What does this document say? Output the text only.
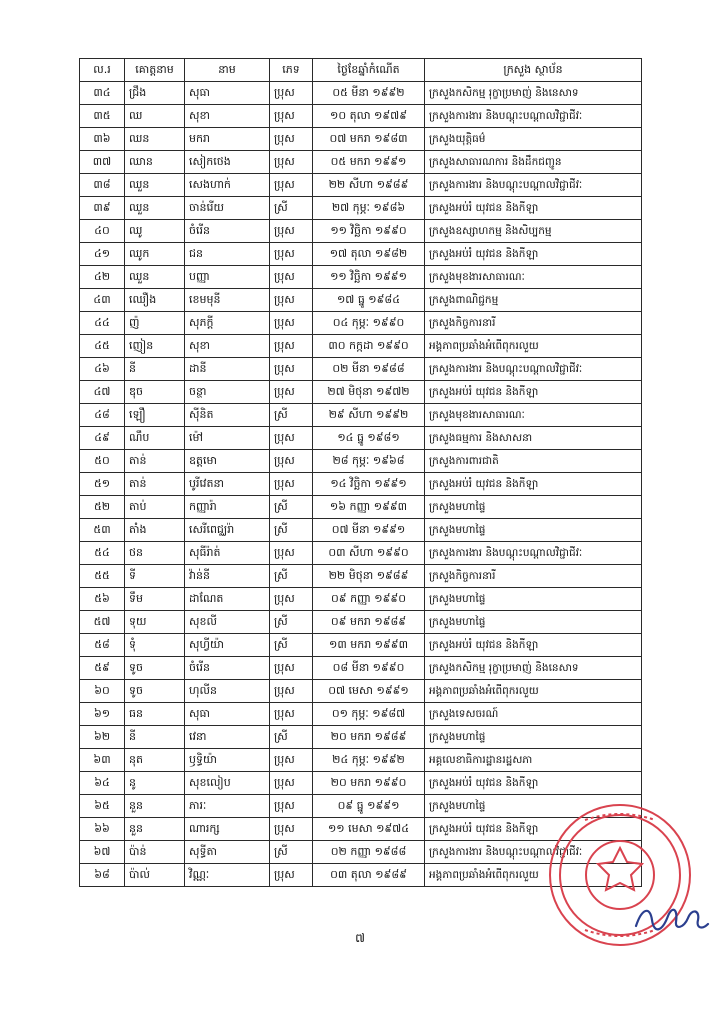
ល.រ	គោត្តនាម	នាម	ភេទ	ថ្ងៃខែឆ្នាំកំណើត	ក្រសួង ស្ថាប័ន
៣៤	ជ្រឹង	សុធា	ប្រុស	០៥ មីនា ១៩៩២	ក្រសួងកសិកម្ម រុក្ខាប្រមាញ់ និងនេសាទ
៣៥	ឈ	សុខា	ប្រុស	១០ តុលា ១៩៧៩	ក្រសួងការងារ និងបណ្តុះបណ្តាលវិជ្ជាជីវៈ
៣៦	ឈន	មករា	ប្រុស	០៧ មករា ១៩៨៣	ក្រសួងយុត្តិធម៌
៣៧	ឈាន	សៀកថេង	ប្រុស	០៥ មករា ១៩៩១	ក្រសួងសាធារណការ និងដឹកជញ្ជូន
៣៨	ឈួន	សេងហាក់	ប្រុស	២២ សីហា ១៩៨៩	ក្រសួងការងារ និងបណ្តុះបណ្តាលវិជ្ជាជីវៈ
៣៩	ឈួន	ចាន់រើយ	ស្រី	២៧ កុម្ភៈ ១៩៨៦	ក្រសួងអប់រំ យុវជន និងកីឡា
៤០	ឈូ	ចំរើន	ប្រុស	១១ វិច្ឆិកា ១៩៩០	ក្រសួងឧស្សាហកម្ម និងសិប្បកម្ម
៤១	ឈូក	ជន	ប្រុស	១៧ តុលា ១៩៨២	ក្រសួងអប់រំ យុវជន និងកីឡា
៤២	ឈួន	បញ្ញា	ប្រុស	១១ វិច្ឆិកា ១៩៩១	ក្រសួងមុខងារសាធារណៈ
៤៣	ឈឿង	ខេមមុនី	ប្រុស	១៧ ធ្នូ ១៩៨៤	ក្រសួងពាណិជ្ជកម្ម
៤៤	ញ៉	សុភក្តី	ប្រុស	០៤ កុម្ភៈ ១៩៩០	ក្រសួងកិច្ចការនារី
៤៥	ញៀន	សុខា	ប្រុស	៣០ កក្កដា ១៩៩០	អង្គភាពប្រឆាំងអំពើពុករលួយ
៤៦	នី	ដានី	ប្រុស	០២ មីនា ១៩៨៨	ក្រសួងការងារ និងបណ្តុះបណ្តាលវិជ្ជាជីវៈ
៤៧	ឌុច	ចន្ថា	ប្រុស	២៧ មិថុនា ១៩៧២	ក្រសួងអប់រំ យុវជន និងកីឡា
៤៨	ឡឿ	ស៊ីនិត	ស្រី	២៩ សីហា ១៩៩២	ក្រសួងមុខងារសាធារណៈ
៤៩	ណឹប	ម៉ៅ	ប្រុស	១៤ ធ្នូ ១៩៨១	ក្រសួងធម្មការ និងសាសនា
៥០	តាន់	ឧត្តមោ	ប្រុស	២៨ កុម្ភៈ ១៩៦៨	ក្រសួងការពារជាតិ
៥១	តាន់	បូរីវេតនា	ប្រុស	១៤ វិច្ឆិកា ១៩៩១	ក្រសួងអប់រំ យុវជន និងកីឡា
៥២	តាប់	កញ្ញារ៉ា	ស្រី	១៦ កញ្ញា ១៩៩៣	ក្រសួងមហាផ្ទៃ
៥៣	តាំង	សេរីពេជ្ឈរ៉ា	ស្រី	០៧ មីនា ១៩៩១	ក្រសួងមហាផ្ទៃ
៥៤	ថន	សុធីរ៉ាត់	ប្រុស	០៣ សីហា ១៩៩០	ក្រសួងការងារ និងបណ្តុះបណ្តាលវិជ្ជាជីវៈ
៥៥	ទី	វ៉ាន់នី	ស្រី	២២ មិថុនា ១៩៨៩	ក្រសួងកិច្ចការនារី
៥៦	ទឹម	ដាណែត	ប្រុស	០៩ កញ្ញា ១៩៩០	ក្រសួងមហាផ្ទៃ
៥៧	ទុយ	សុខលី	ស្រី	០៩ មករា ១៩៨៩	ក្រសួងមហាផ្ទៃ
៥៨	ទុំ	សុហ្វីយ៉ា	ស្រី	១៣ មករា ១៩៩៣	ក្រសួងអប់រំ យុវជន និងកីឡា
៥៩	ទូច	ចំរើន	ប្រុស	០៨ មីនា ១៩៩០	ក្រសួងកសិកម្ម រុក្ខាប្រមាញ់ និងនេសាទ
៦០	ទូច	ហុលីន	ប្រុស	០៧ មេសា ១៩៩១	អង្គភាពប្រឆាំងអំពើពុករលួយ
៦១	ធន	សុធា	ប្រុស	០១ កុម្ភៈ ១៩៨៧	ក្រសួងទេសចរណ៍
៦២	នី	វេនា	ស្រី	២០ មករា ១៩៨៩	ក្រសួងមហាផ្ទៃ
៦៣	នុត	ឫទ្ធិយ៉ា	ប្រុស	២៤ កុម្ភៈ ១៩៩២	អគ្គលេខាធិការដ្ឋានរដ្ឋសភា
៦៤	នូ	សុខលៀប	ប្រុស	២០ មករា ១៩៩០	ក្រសួងអប់រំ យុវជន និងកីឡា
៦៥	នួន	ភារៈ	ប្រុស	០៩ ធ្នូ ១៩៩១	ក្រសួងមហាផ្ទៃ
៦៦	នួន	ណារក្ស	ប្រុស	១១ មេសា ១៩៧៤	ក្រសួងអប់រំ យុវជន និងកីឡា
៦៧	ប៉ាន់	សុទ្ធីតា	ស្រី	០២ កញ្ញា ១៩៨៨	ក្រសួងការងារ និងបណ្តុះបណ្តាលវិជ្ជាជីវៈ
៦៨	ប៉ាល់	វិណ្ណៈ	ប្រុស	០៣ តុលា ១៩៨៩	អង្គភាពប្រឆាំងអំពើពុករលួយ
៧
